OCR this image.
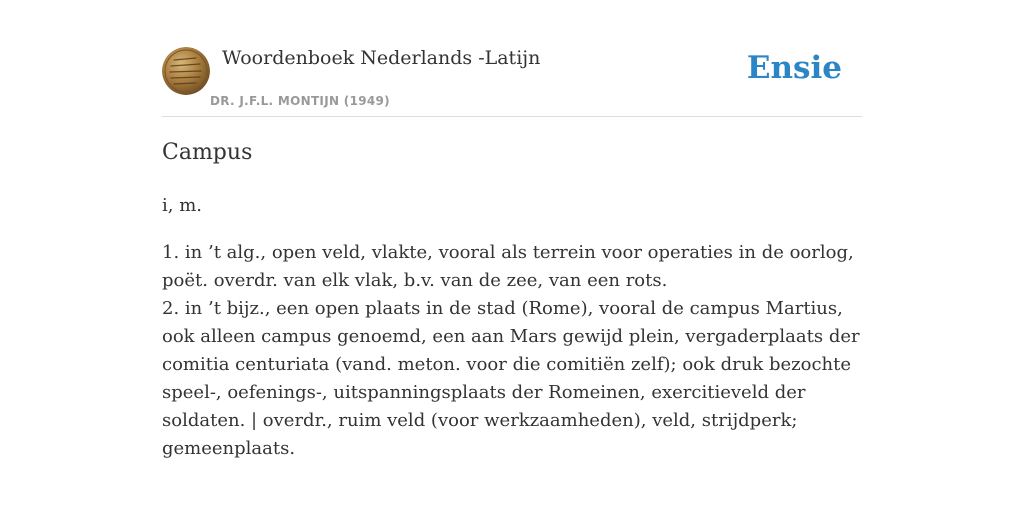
Woordenboek Nederlands -Latijn
DR. J.F.L. MONTIJN (1949)
Ensie
Campus

i, m.

1. in ’t alg., open veld, vlakte, vooral als terrein voor operaties in de oorlog, poët. overdr. van elk vlak, b.v. van de zee, van een rots.
2. in ’t bijz., een open plaats in de stad (Rome), vooral de campus Martius, ook alleen campus genoemd, een aan Mars gewijd plein, vergaderplaats der comitia centuriata (vand. meton. voor die comitiën zelf); ook druk bezochte speel-, oefenings-, uitspanningsplaats der Romeinen, exercitieveld der soldaten. | overdr., ruim veld (voor werkzaamheden), veld, strijdperk; gemeenplaats.
